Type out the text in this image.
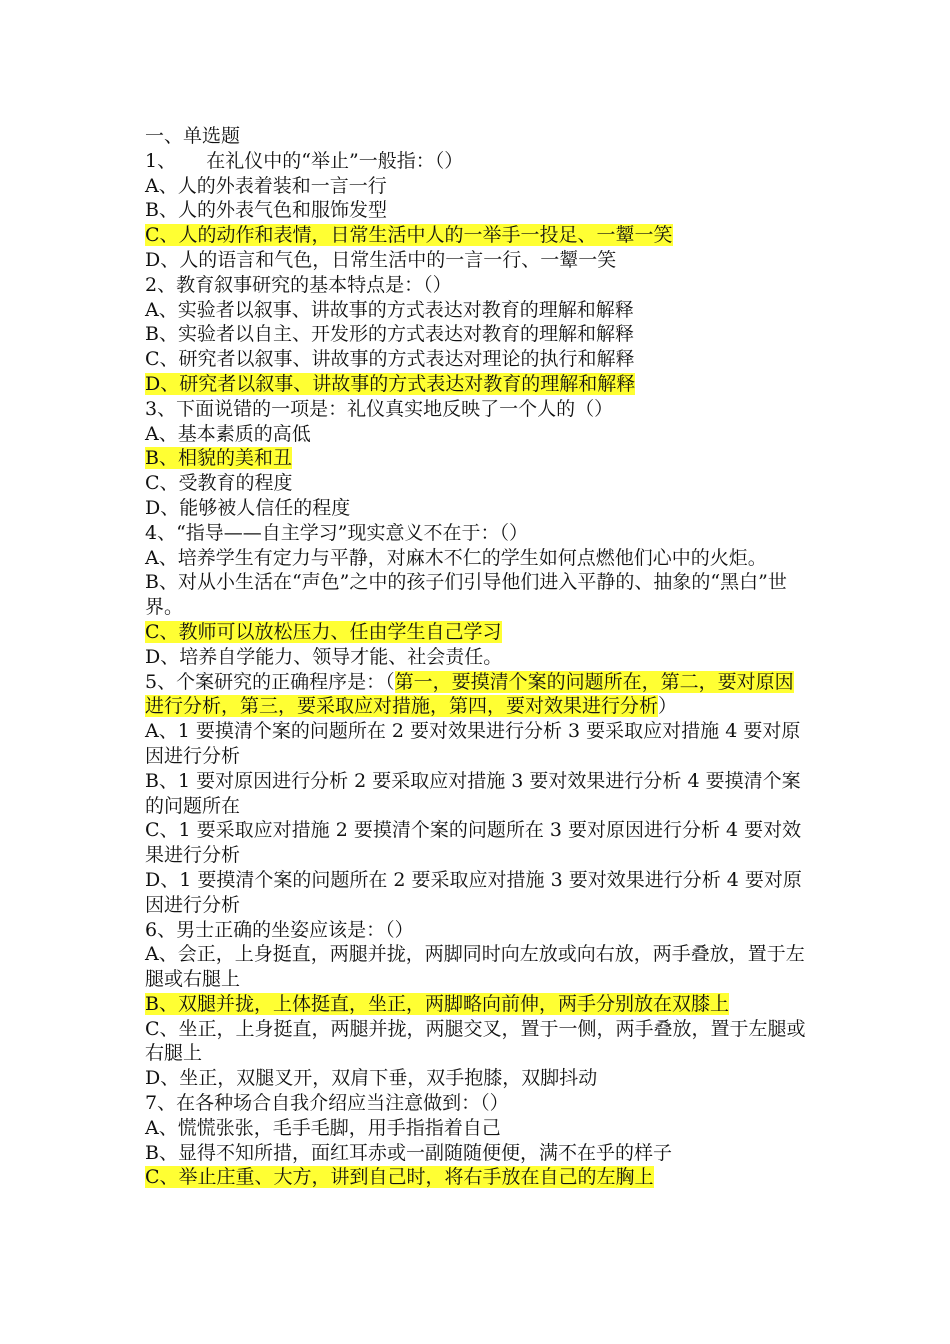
一、单选题
1、     在礼仪中的“举止”一般指：（）
A、人的外表着装和一言一行
B、人的外表气色和服饰发型
C、人的动作和表情，日常生活中人的一举手一投足、一颦一笑
D、人的语言和气色，日常生活中的一言一行、一颦一笑
2、教育叙事研究的基本特点是：（）
A、实验者以叙事、讲故事的方式表达对教育的理解和解释
B、实验者以自主、开发形的方式表达对教育的理解和解释
C、研究者以叙事、讲故事的方式表达对理论的执行和解释
D、研究者以叙事、讲故事的方式表达对教育的理解和解释
3、下面说错的一项是：礼仪真实地反映了一个人的（）
A、基本素质的高低
B、相貌的美和丑
C、受教育的程度
D、能够被人信任的程度
4、“指导——自主学习”现实意义不在于：（）
A、培养学生有定力与平静，对麻木不仁的学生如何点燃他们心中的火炬。
B、对从小生活在“声色”之中的孩子们引导他们进入平静的、抽象的“黑白”世界。
C、教师可以放松压力、任由学生自己学习
D、培养自学能力、领导才能、社会责任。
5、个案研究的正确程序是：（第一，要摸清个案的问题所在，第二，要对原因进行分析，第三，要采取应对措施，第四，要对效果进行分析）
A、1 要摸清个案的问题所在 2 要对效果进行分析 3 要采取应对措施 4 要对原因进行分析
B、1 要对原因进行分析 2 要采取应对措施 3 要对效果进行分析 4 要摸清个案的问题所在
C、1 要采取应对措施 2 要摸清个案的问题所在 3 要对原因进行分析 4 要对效果进行分析
D、1 要摸清个案的问题所在 2 要采取应对措施 3 要对效果进行分析 4 要对原因进行分析
6、男士正确的坐姿应该是：（）
A、会正，上身挺直，两腿并拢，两脚同时向左放或向右放，两手叠放，置于左腿或右腿上
B、双腿并拢，上体挺直，坐正，两脚略向前伸，两手分别放在双膝上
C、坐正，上身挺直，两腿并拢，两腿交叉，置于一侧，两手叠放，置于左腿或右腿上
D、坐正，双腿叉开，双肩下垂，双手抱膝，双脚抖动
7、在各种场合自我介绍应当注意做到：（）
A、慌慌张张，毛手毛脚，用手指指着自己
B、显得不知所措，面红耳赤或一副随随便便，满不在乎的样子
C、举止庄重、大方，讲到自己时，将右手放在自己的左胸上
